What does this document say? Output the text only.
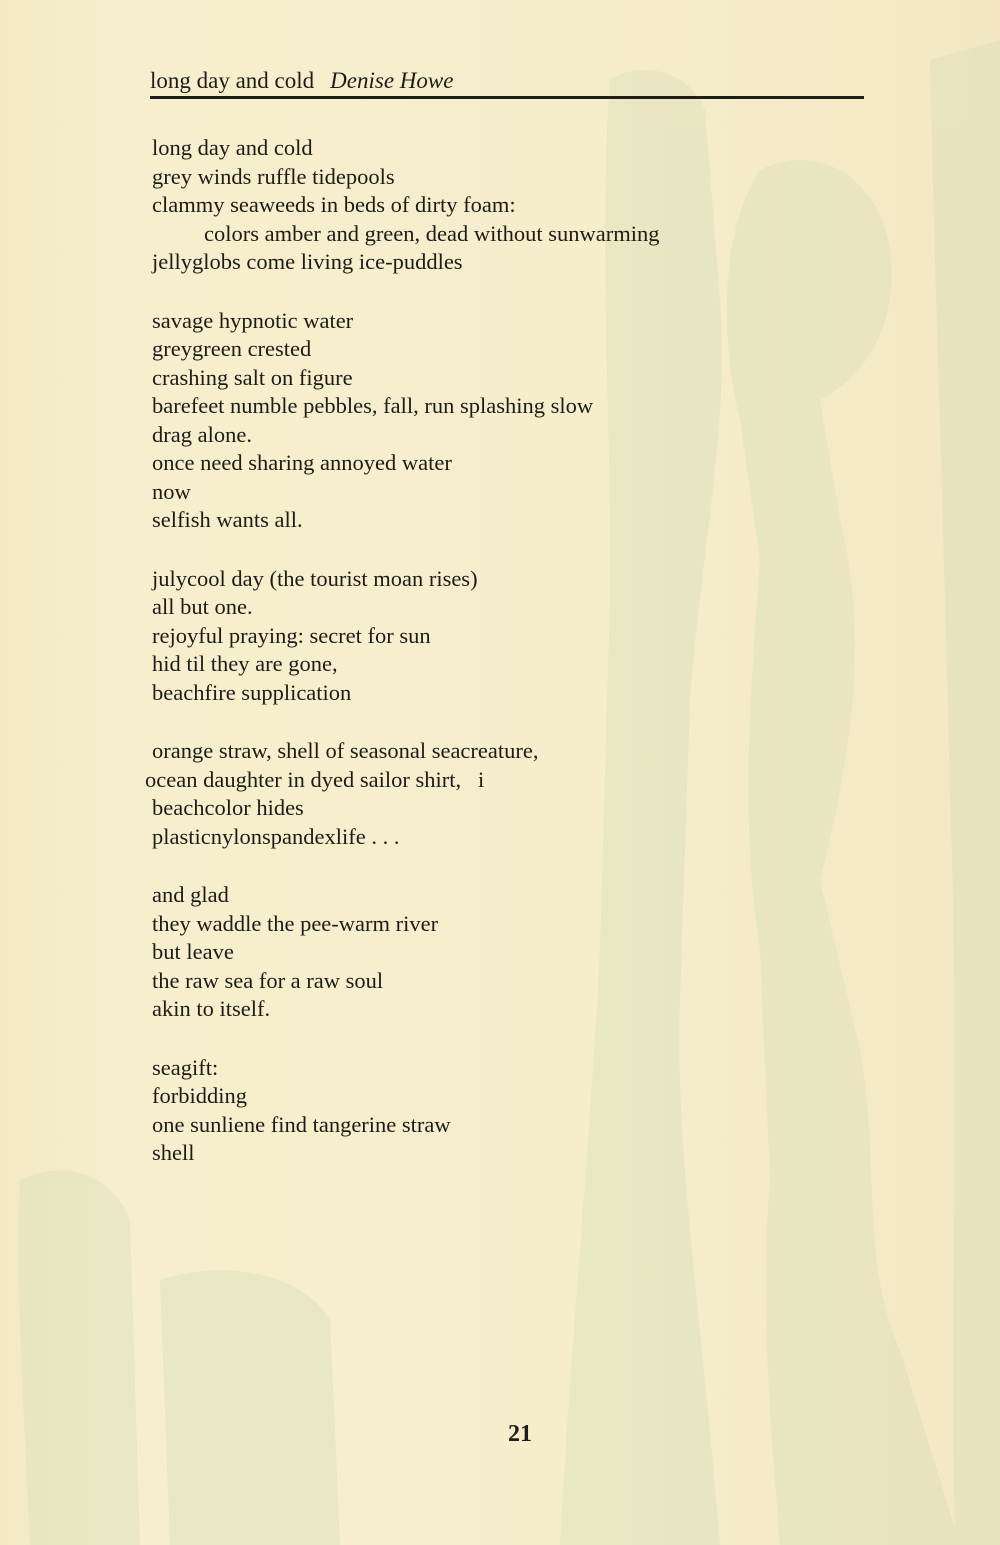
long day and cold Denise Howe
long day and cold
grey winds ruffle tidepools
clammy seaweeds in beds of dirty foam:
colors amber and green, dead without sunwarming
jellyglobs come living ice-puddles
savage hypnotic water
greygreen crested
crashing salt on figure
barefeet numble pebbles, fall, run splashing slow
drag alone.
once need sharing annoyed water
now
selfish wants all.
julycool day (the tourist moan rises)
all but one.
rejoyful praying: secret for sun
hid til they are gone,
beachfire supplication
orange straw, shell of seasonal seacreature,
ocean daughter in dyed sailor shirt,   i
beachcolor hides
plasticnylonspandexlife . . .
and glad
they waddle the pee-warm river
but leave
the raw sea for a raw soul
akin to itself.
seagift:
forbidding
one sunliene find tangerine straw
shell
21
